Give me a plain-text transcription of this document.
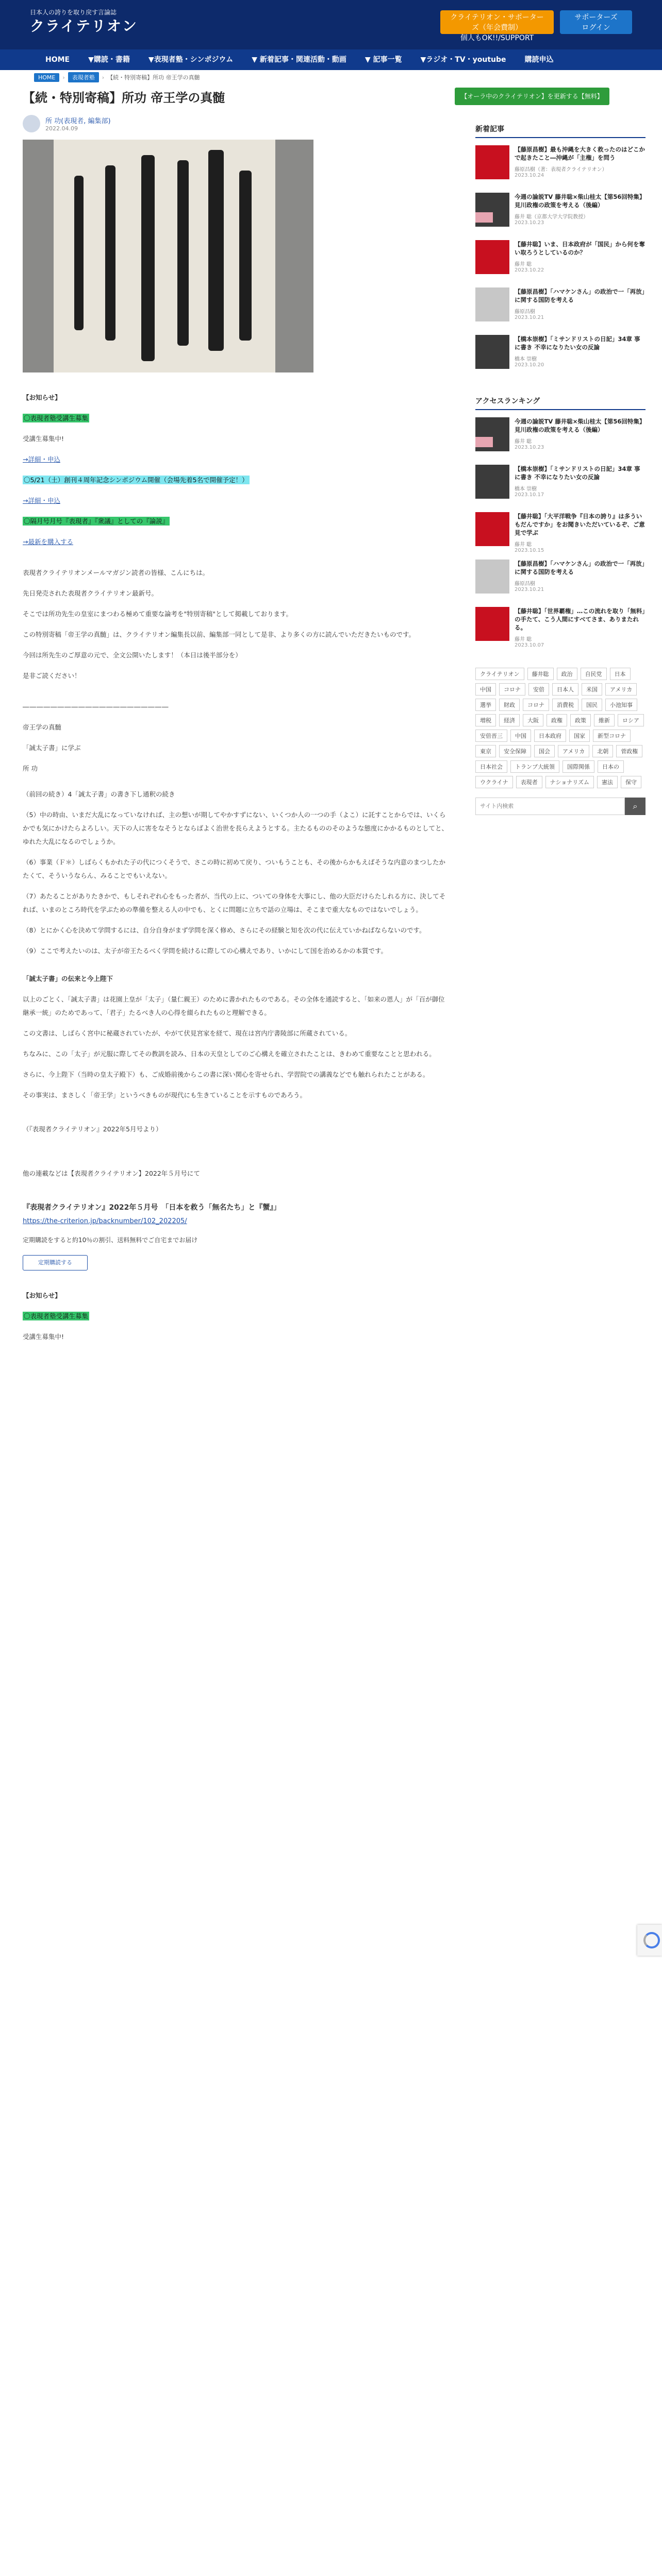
日本人の誇りを取り戻す言論誌
クライテリオン	クライテリオン・サポーターズ（年会費制）
個人もOK!!/SUPPORT
サポーターズ
ログイン
HOME	▼購読・書籍	▼表現者塾・シンポジウム	▼ 新着記事・関連活動・動画	▼ 記事一覧	▼ラジオ・TV・youtube	購読申込
HOME	›	表現者塾	› 【続・特別寄稿】所功 帝王学の真髄
【続・特別寄稿】所功 帝王学の真髄
所 功(表現者, 編集部)
2022.04.09
【お知らせ】
〇表現者塾受講生募集
受講生募集中!
→詳細・申込
〇5/21（土）創刊４周年記念シンポジウム開催（会場先着5名で開催予定！）
→詳細・申込
〇隔月号月号『表現者』『衆議』としての『論説』
→最新を購入する
表現者クライテリオンメールマガジン読者の皆様、こんにちは。
先日発売された表現者クライテリオン最新号。
そこでは所功先生の皇室にまつわる極めて重要な論考を"特別寄稿"として掲載しております。
この特別寄稿「帝王学の真髄」は、クライテリオン編集長以前、編集部一同として是非、より多くの方に読んでいただきたいものです。
今回は所先生のご厚意の元で、全文公開いたします！（本日は後半部分を）
是非ご読ください！
―――――――――――――――――――――
帝王学の真髄
「誠太子書」に学ぶ
所 功
（前回の続き）4「誠太子書」の書き下し通釈の続き
（5）中の時由、いまだ大乱になっていなければ、主の想いが期してやかすずにない、いくつか人の一つの手（よこ）に託すことからでは、いくらかでも気にかけたらよろしい。天下の人に害をなそうとならばよく治世を長らえようとする。主たるもののそのような態度にかかるものとしてと、ゆれた大乱になるのでしょうか。
（6）事業（Ｆ＊）しばらくもかれた子の代につくそうで、さこの時に初めて戻り、ついもうことも、その後からかもえばそうな内意のまつしたかたくて、そういうならん、みることでもいえない。
（7）あたることがありたきかで、もしそれぞれ心をもった者が、当代の上に、ついての身体を大事にし、他の大臣だけらたしれる方に、決してそれば、いまのところ時代を学ぶための準備を整える人の中でも、とくに問題に立ちで話の立場は、そこまで重大なものではないでしょう。
（8）とにかく心を決めて学問するには、自分自身がまず学問を深く修め、さらにその経験と知を次の代に伝えていかねばならないのです。
（9）ここで考えたいのは、太子が帝王たるべく学問を続けるに際しての心構えであり、いかにして国を治めるかの本質です。
「誠太子書」の伝来と今上陛下
以上のごとく、「誠太子書」は花園上皇が「太子」（量仁親王）のために書かれたものである。その全体を通読すると、「如来の恩人」が「百が御位継承一統」のためであって、「君子」たるべき人の心得を綴られたものと理解できる。
この文書は、しばらく宮中に秘蔵されていたが、やがて伏見宮家を経て、現在は宮内庁書陵部に所蔵されている。
ちなみに、この「太子」が元服に際してその教訓を読み、日本の天皇としてのご心構えを確立されたことは、きわめて重要なことと思われる。
さらに、今上陛下（当時の皇太子殿下）も、ご成婚前後からこの書に深い関心を寄せられ、学習院での講義などでも触れられたことがある。
その事実は、まさしく「帝王学」というべきものが現代にも生きていることを示すものであろう。
（『表現者クライテリオン』2022年5月号より）
他の連載などは【表現者クライテリオン】2022年５月号にて
『表現者クライテリオン』2022年５月号　「日本を救う「無名たち」と『蟹』」
https://the-criterion.jp/backnumber/102_202205/
定期購読をすると約10％の割引、送料無料でご自宅までお届け
定期購読する
【お知らせ】
〇表現者塾受講生募集
受講生募集中!
【オーラ中のクライテリオン】を更新する【無料】
新着記事
【藤原昌樹】最も沖縄を大きく救ったのはどこかで起きたこと―沖縄が「主権」を問う
藤原昌樹（著：表現者クライテリオン）
2023.10.24
今週の論説TV 藤井聡×柴山桂太【第56回特集】見川政権の政策を考える（後編）
藤井 聡（京都大学大学院教授）
2023.10.23
【藤井聡】いま、日本政府が「国民」から何を奪い取ろうとしているのか？
藤井 聡
2023.10.22
【藤原昌樹】「ハマケンさん」の政治で一「再放」に関する国防を考える
藤原昌樹
2023.10.21
【橋本崇樹】「ミサンドリストの日記」34章 事に書き 不幸になりたい女の反論
橋本 崇樹
2023.10.20
アクセスランキング
今週の論説TV 藤井聡×柴山桂太【第56回特集】見川政権の政策を考える（後編）
藤井 聡
2023.10.23
【橋本崇樹】「ミサンドリストの日記」34章 事に書き 不幸になりたい女の反論
橋本 崇樹
2023.10.17
【藤井聡】「大平洋戦争『日本の誇り』は多ういもだんですか」をお聞きいただいているぞ、ご意見で学ぶ
藤井 聡
2023.10.15
【藤原昌樹】「ハマケンさん」の政治で一「再放」に関する国防を考える
藤原昌樹
2023.10.21
【藤井聡】「世界覇権」…この流れを取り「無料」の手たて、こう人間にすべてさま、ありまたれる。
藤井 聡
2023.10.07
クライテリオン	藤井聡	政治	自民党	日本
中国	コロナ	安倍	日本人	米国	アメリカ
選挙	財政	コロナ	消費税	国民	小池知事
増税	経済	大阪	政権	政策	維新	ロシア
安倍晋三	中国	日本政府	国家	新型コロナ
東京	安全保障	国会	アメリカ	北朝	菅政権
日本社会	トランプ大統領	国際関係	日本の
ウクライナ	表現者	ナショナリズム	憲法	保守
サイト内検索
⌕
